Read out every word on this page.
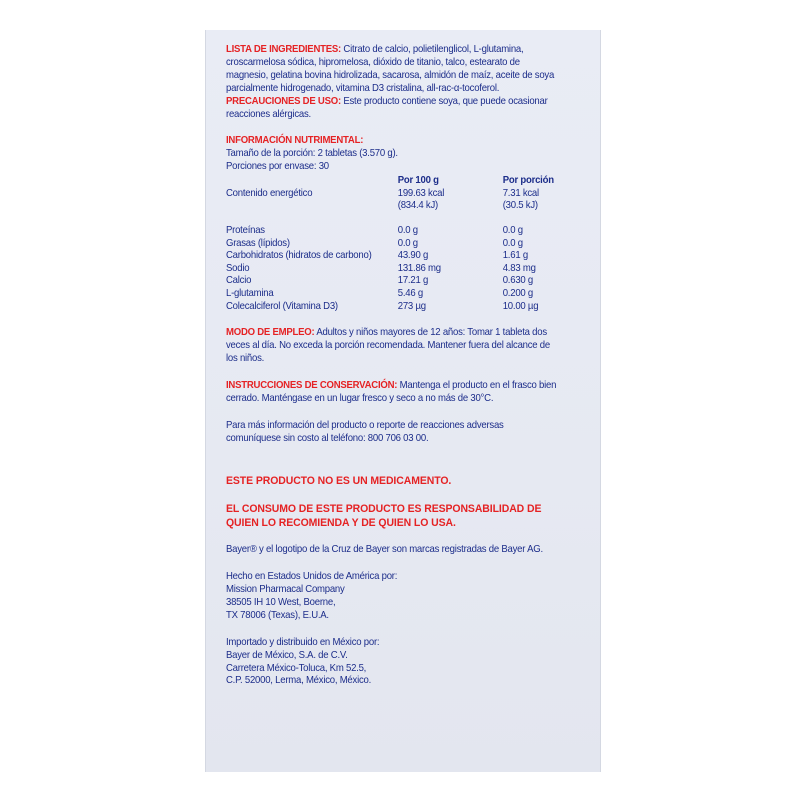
LISTA DE INGREDIENTES: Citrato de calcio, polietilenglicol, L-glutamina, croscarmelosa sódica, hipromelosa, dióxido de titanio, talco, estearato de magnesio, gelatina bovina hidrolizada, sacarosa, almidón de maíz, aceite de soya parcialmente hidrogenado, vitamina D3 cristalina, all-rac-α-tocoferol.

PRECAUCIONES DE USO: Este producto contiene soya, que puede ocasionar reacciones alérgicas.

INFORMACIÓN NUTRIMENTAL:

Tamaño de la porción: 2 tabletas (3.570 g).

Porciones por envase: 30

	Por 100 g	Por porción
Contenido energético	199.63 kcal	7.31 kcal
	(834.4 kJ)	(30.5 kJ)

Proteínas	0.0 g	0.0 g
Grasas (lípidos)	0.0 g	0.0 g
Carbohidratos (hidratos de carbono)	43.90 g	1.61 g
Sodio	131.86 mg	4.83 mg
Calcio	17.21 g	0.630 g
L-glutamina	5.46 g	0.200 g
Colecalciferol (Vitamina D3)	273 µg	10.00 µg

MODO DE EMPLEO: Adultos y niños mayores de 12 años: Tomar 1 tableta dos veces al día. No exceda la porción recomendada. Mantener fuera del alcance de los niños.

INSTRUCCIONES DE CONSERVACIÓN: Mantenga el producto en el frasco bien cerrado. Manténgase en un lugar fresco y seco a no más de 30°C.

Para más información del producto o reporte de reacciones adversas comuníquese sin costo al teléfono: 800 706 03 00.

ESTE PRODUCTO NO ES UN MEDICAMENTO.

EL CONSUMO DE ESTE PRODUCTO ES RESPONSABILIDAD DE QUIEN LO RECOMIENDA Y DE QUIEN LO USA.

Bayer® y el logotipo de la Cruz de Bayer son marcas registradas de Bayer AG.

Hecho en Estados Unidos de América por:

Mission Pharmacal Company

38505 IH 10 West, Boerne,

TX 78006 (Texas), E.U.A.

Importado y distribuido en México por:

Bayer de México, S.A. de C.V.

Carretera México-Toluca, Km 52.5,

C.P. 52000, Lerma, México, México.
